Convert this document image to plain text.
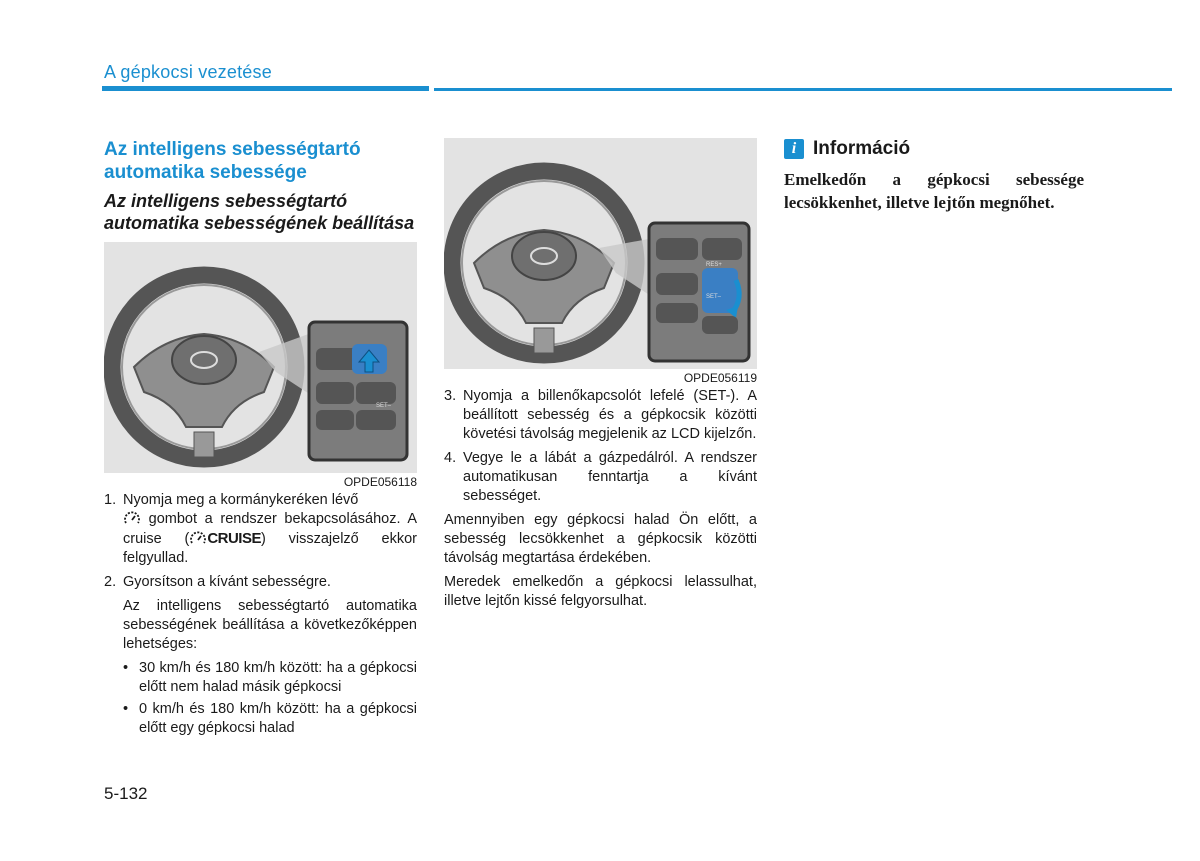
A gépkocsi vezetése
Az intelligens sebességtartó automatika sebessége
Az intelligens sebességtartó automatika sebességének beállítása
SET–
OPDE056118
1. Nyomja meg a kormánykeréken lévő
gombot a rendszer bekapcsolásához. A cruise ( CRUISE) visszajelző ekkor felgyullad.
2. Gyorsítson a kívánt sebességre.

Az intelligens sebességtartó automatika sebességének beállítása a következőképpen lehetséges:

• 30 km/h és 180 km/h között: ha a gépkocsi előtt nem halad másik gépkocsi
• 0 km/h és 180 km/h között: ha a gépkocsi előtt egy gépkocsi halad
RES+
SET–
OPDE056119
3. Nyomja a billenőkapcsolót lefelé (SET-). A beállított sebesség és a gépkocsik közötti követési távolság megjelenik az LCD kijelzőn.
4. Vegye le a lábát a gázpedálról. A rendszer automatikusan fenntartja a kívánt sebességet.

Amennyiben egy gépkocsi halad Ön előtt, a sebesség lecsökkenhet a gépkocsik közötti távolság megtartása érdekében.

Meredek emelkedőn a gépkocsi lelassulhat, illetve lejtőn kissé felgyorsulhat.

i Információ
Emelkedőn a gépkocsi sebessége lecsökkenhet, illetve lejtőn megnőhet.
5-132
